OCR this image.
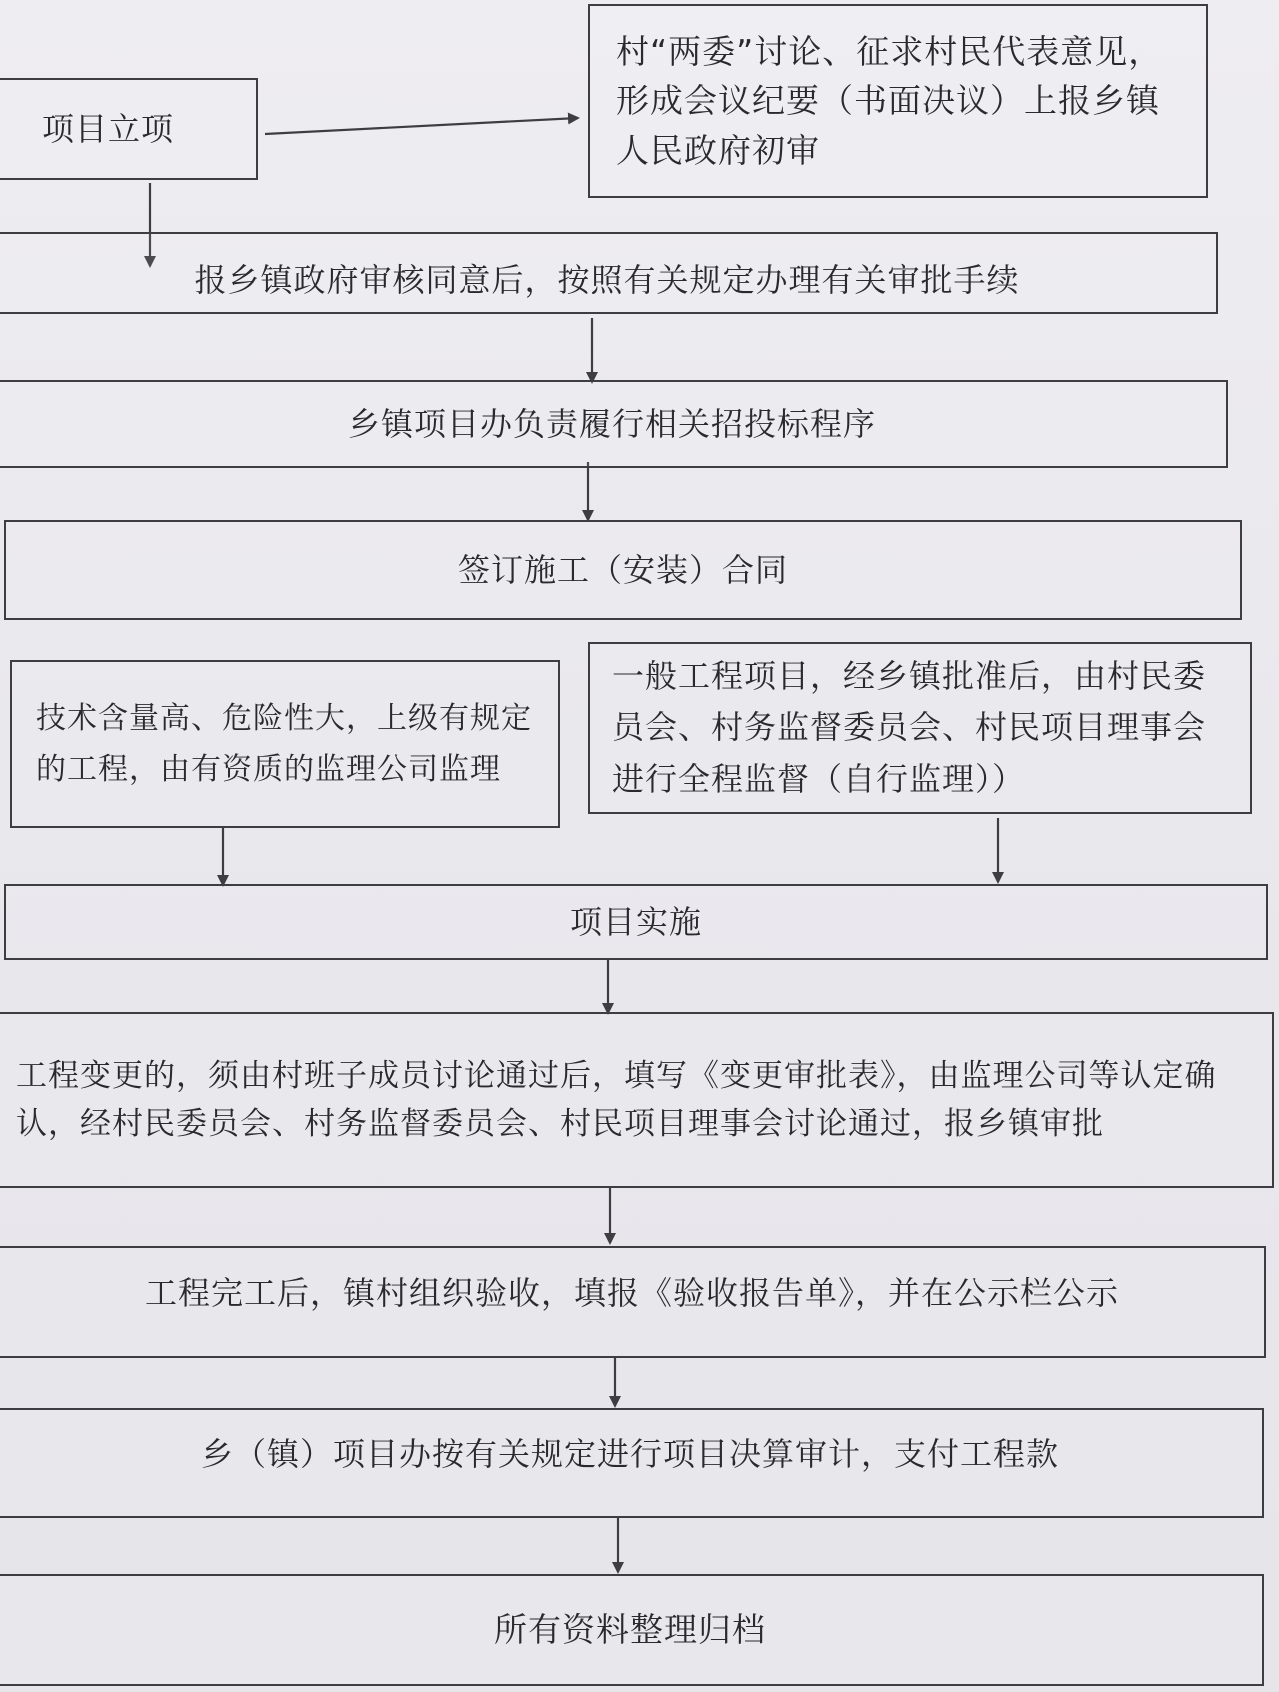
项目立项
村“两委”讨论、征求村民代表意见，形成会议纪要（书面决议）上报乡镇人民政府初审
报乡镇政府审核同意后，按照有关规定办理有关审批手续
乡镇项目办负责履行相关招投标程序
签订施工（安装）合同
技术含量高、危险性大，上级有规定的工程，由有资质的监理公司监理
一般工程项目，经乡镇批准后，由村民委员会、村务监督委员会、村民项目理事会进行全程监督（自行监理））
项目实施
工程变更的，须由村班子成员讨论通过后，填写《变更审批表》，由监理公司等认定确认，经村民委员会、村务监督委员会、村民项目理事会讨论通过，报乡镇审批
工程完工后，镇村组织验收，填报《验收报告单》，并在公示栏公示
乡（镇）项目办按有关规定进行项目决算审计，支付工程款
所有资料整理归档
